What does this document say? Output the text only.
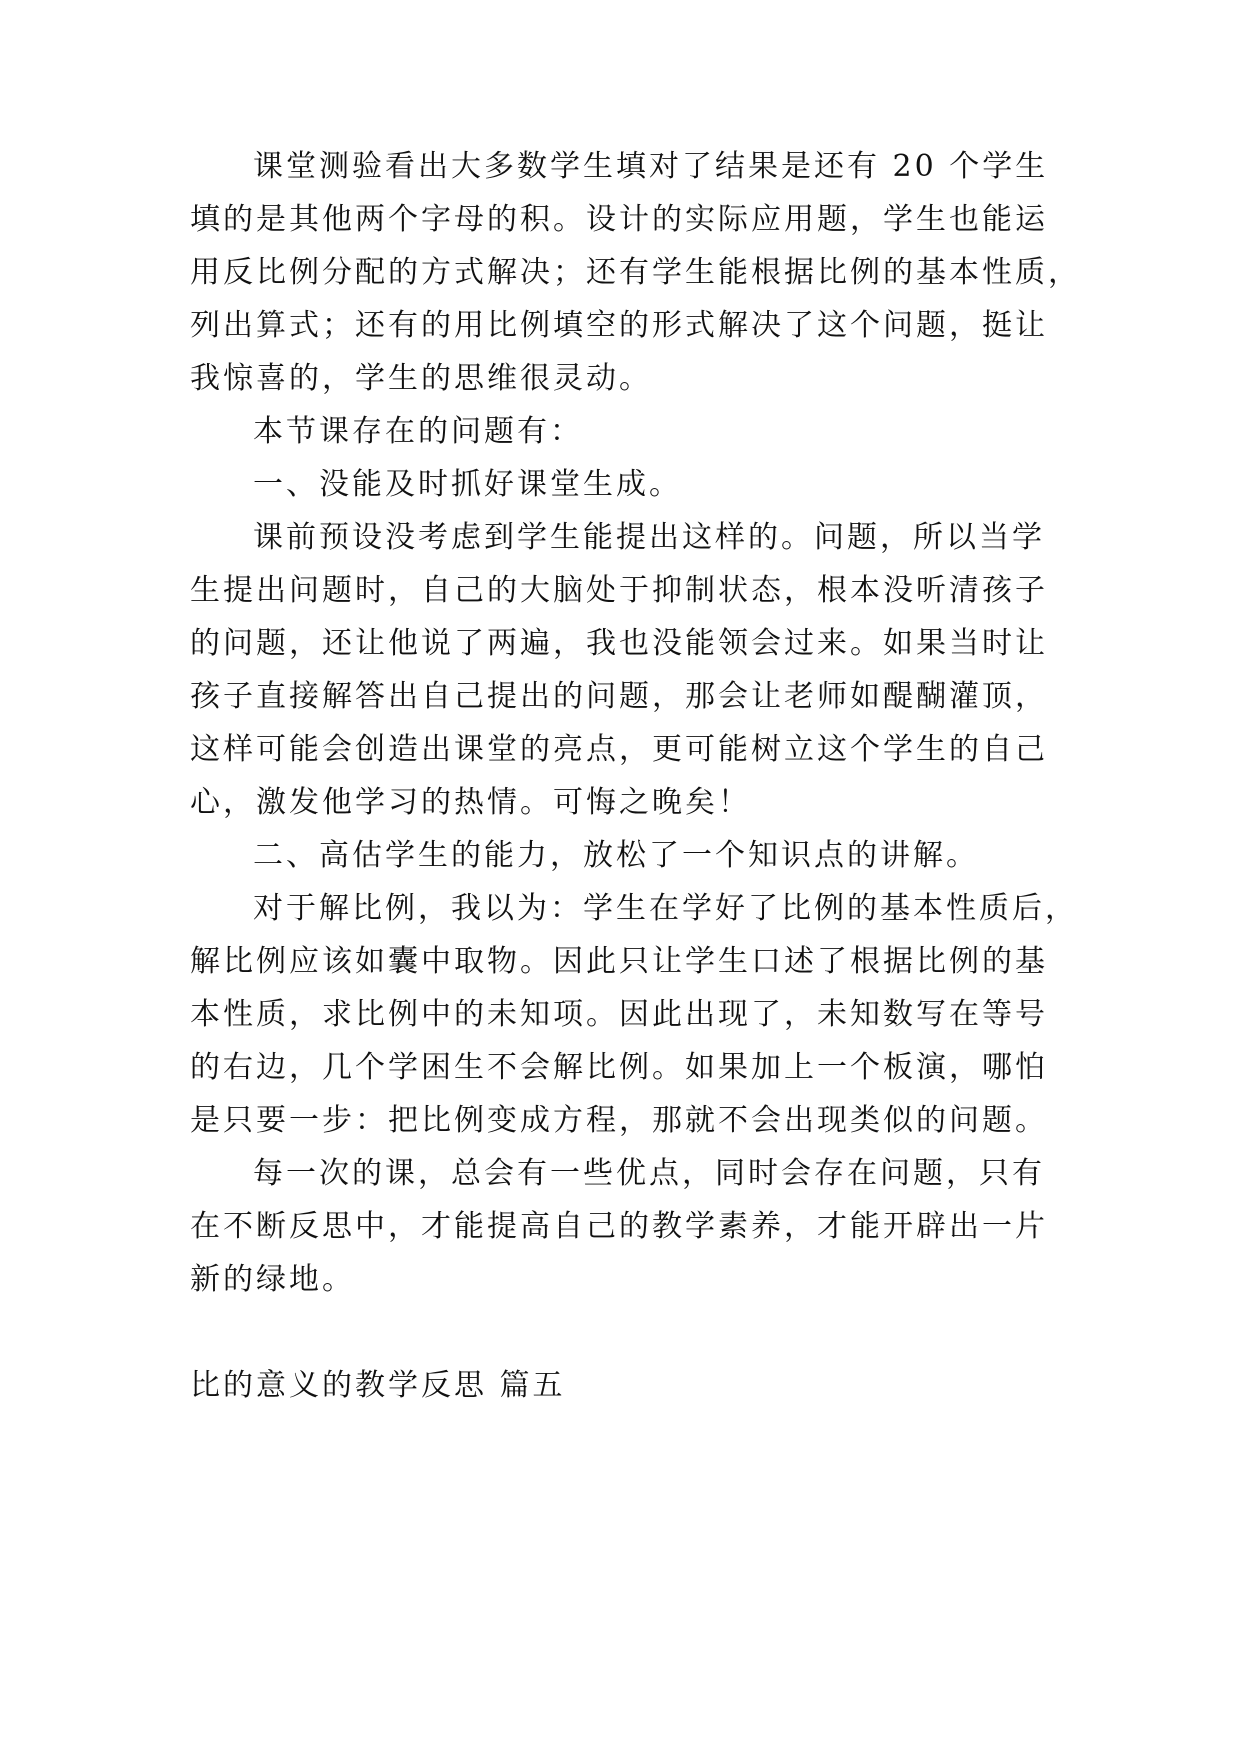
课堂测验看出大多数学生填对了结果是还有 20 个学生
填的是其他两个字母的积。设计的实际应用题，学生也能运
用反比例分配的方式解决；还有学生能根据比例的基本性质，
列出算式；还有的用比例填空的形式解决了这个问题，挺让
我惊喜的，学生的思维很灵动。
本节课存在的问题有：
一、没能及时抓好课堂生成。
课前预设没考虑到学生能提出这样的。问题，所以当学
生提出问题时，自己的大脑处于抑制状态，根本没听清孩子
的问题，还让他说了两遍，我也没能领会过来。如果当时让
孩子直接解答出自己提出的问题，那会让老师如醍醐灌顶，
这样可能会创造出课堂的亮点，更可能树立这个学生的自己
心，激发他学习的热情。可悔之晚矣！
二、高估学生的能力，放松了一个知识点的讲解。
对于解比例，我以为：学生在学好了比例的基本性质后，
解比例应该如囊中取物。因此只让学生口述了根据比例的基
本性质，求比例中的未知项。因此出现了，未知数写在等号
的右边，几个学困生不会解比例。如果加上一个板演，哪怕
是只要一步：把比例变成方程，那就不会出现类似的问题。
每一次的课，总会有一些优点，同时会存在问题，只有
在不断反思中，才能提高自己的教学素养，才能开辟出一片
新的绿地。
比的意义的教学反思 篇五
